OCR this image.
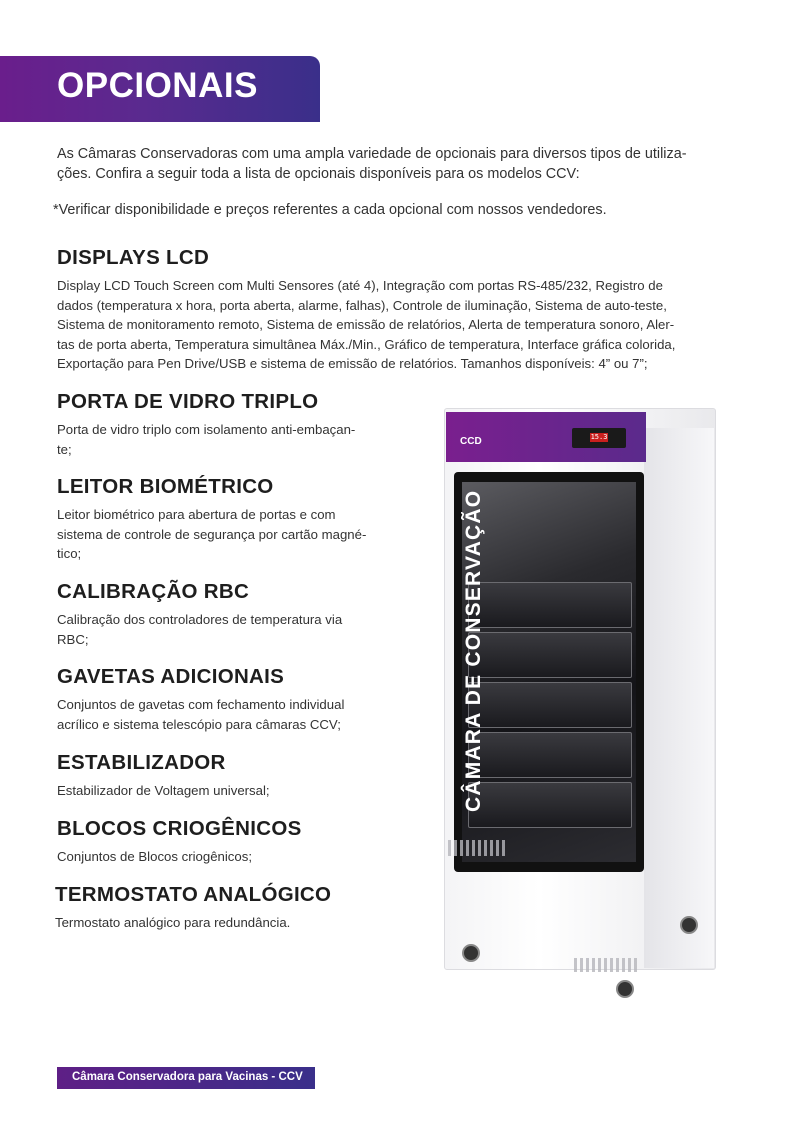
OPCIONAIS
As Câmaras Conservadoras com uma ampla variedade de opcionais para diversos tipos de utiliza-
ções. Confira a seguir toda a lista de opcionais disponíveis para os modelos CCV:
*Verificar disponibilidade e preços referentes a cada opcional com nossos vendedores.
DISPLAYS LCD

Display LCD Touch Screen com Multi Sensores (até 4), Integração com portas RS-485/232, Registro de
dados (temperatura x hora, porta aberta, alarme, falhas), Controle de iluminação, Sistema de auto-teste,
Sistema de monitoramento remoto, Sistema de emissão de relatórios, Alerta de temperatura sonoro, Aler-
tas de porta aberta, Temperatura simultânea Máx./Min., Gráfico de temperatura, Interface gráfica colorida,
Exportação para Pen Drive/USB e sistema de emissão de relatórios. Tamanhos disponíveis: 4” ou 7”;

PORTA DE VIDRO TRIPLO

Porta de vidro triplo com isolamento anti-embaçan-
te;

LEITOR BIOMÉTRICO

Leitor biométrico para abertura de portas e com
sistema de controle de segurança por cartão magné-
tico;

CALIBRAÇÃO RBC

Calibração dos controladores de temperatura via
RBC;

GAVETAS ADICIONAIS

Conjuntos de gavetas com fechamento individual
acrílico e sistema telescópio para câmaras CCV;

ESTABILIZADOR

Estabilizador de Voltagem universal;

BLOCOS CRIOGÊNICOS

Conjuntos de Blocos criogênicos;

TERMOSTATO ANALÓGICO

Termostato analógico para redundância.

CCD	15.3
CÂMARA DE CONSERVAÇÃO
Câmara Conservadora para Vacinas - CCV
